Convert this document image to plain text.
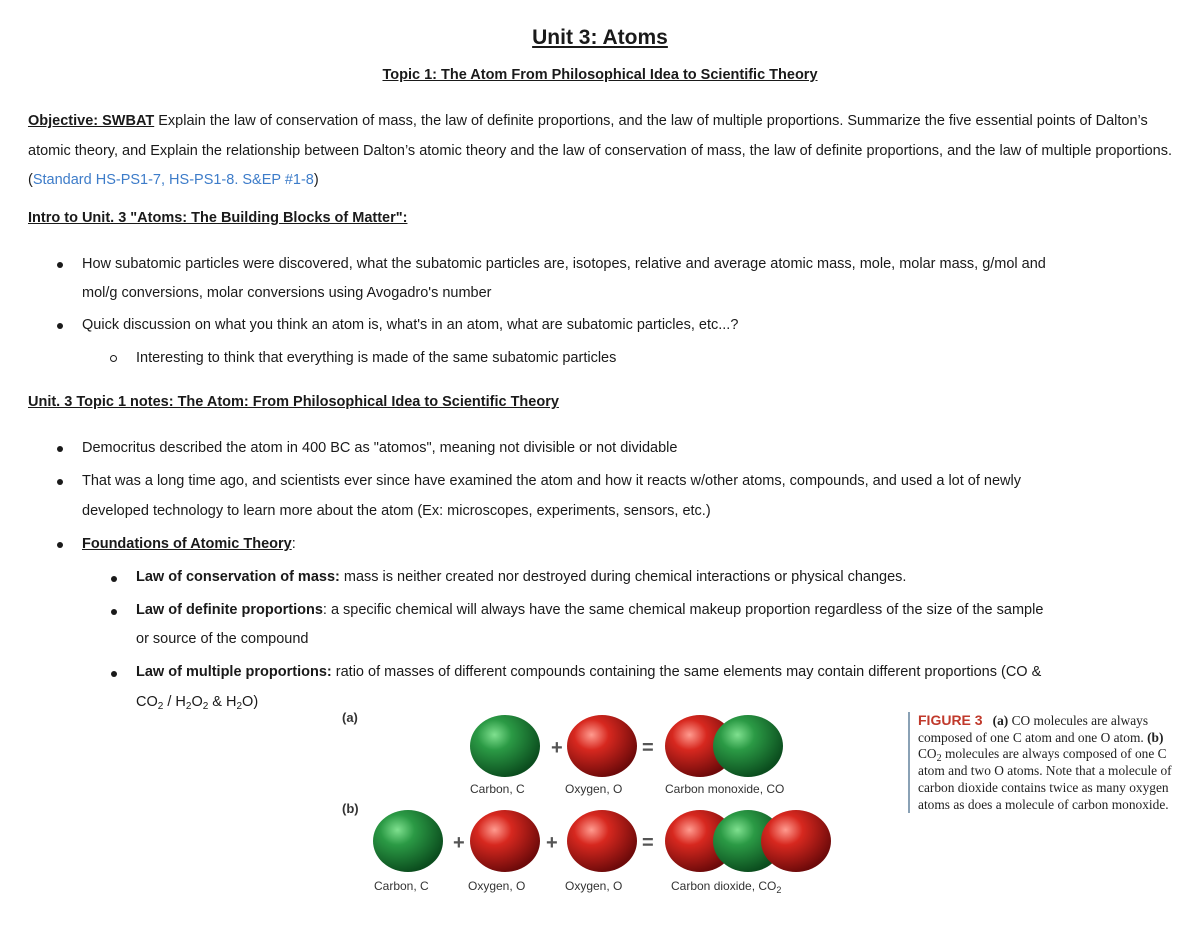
Unit 3: Atoms
Topic 1: The Atom From Philosophical Idea to Scientific Theory
Objective: SWBAT Explain the law of conservation of mass, the law of definite proportions, and the law of multiple proportions. Summarize the five essential points of Dalton’s atomic theory, and Explain the relationship between Dalton’s atomic theory and the law of conservation of mass, the law of definite proportions, and the law of multiple proportions. (Standard HS-PS1-7, HS-PS1-8. S&EP #1-8)
Intro to Unit. 3 "Atoms: The Building Blocks of Matter":
How subatomic particles were discovered, what the subatomic particles are, isotopes, relative and average atomic mass, mole, molar mass, g/mol and
mol/g conversions, molar conversions using Avogadro's number
Quick discussion on what you think an atom is, what's in an atom, what are subatomic particles, etc...?
Interesting to think that everything is made of the same subatomic particles
Unit. 3 Topic 1 notes: The Atom: From Philosophical Idea to Scientific Theory
Democritus described the atom in 400 BC as "atomos", meaning not divisible or not dividable
That was a long time ago, and scientists ever since have examined the atom and how it reacts w/other atoms, compounds, and used a lot of newly
developed technology to learn more about the atom (Ex: microscopes, experiments, sensors, etc.)
Foundations of Atomic Theory:
Law of conservation of mass: mass is neither created nor destroyed during chemical interactions or physical changes.
Law of definite proportions: a specific chemical will always have the same chemical makeup proportion regardless of the size of the sample
or source of the compound
Law of multiple proportions: ratio of masses of different compounds containing the same elements may contain different proportions (CO &
$CO_2 / H_2O_2$ & $H_2O$)
(a)
(b)
+	=
Carbon, C	Oxygen, O	Carbon monoxide, CO
+	+	=
Carbon, C	Oxygen, O	Oxygen, O	Carbon dioxide, $CO_2$
FIGURE 3 (a) CO molecules are always composed of one C atom and one O atom. (b) $CO_2$ molecules are always composed of one C atom and two O atoms. Note that a molecule of carbon dioxide contains twice as many oxygen atoms as does a molecule of carbon monoxide.
